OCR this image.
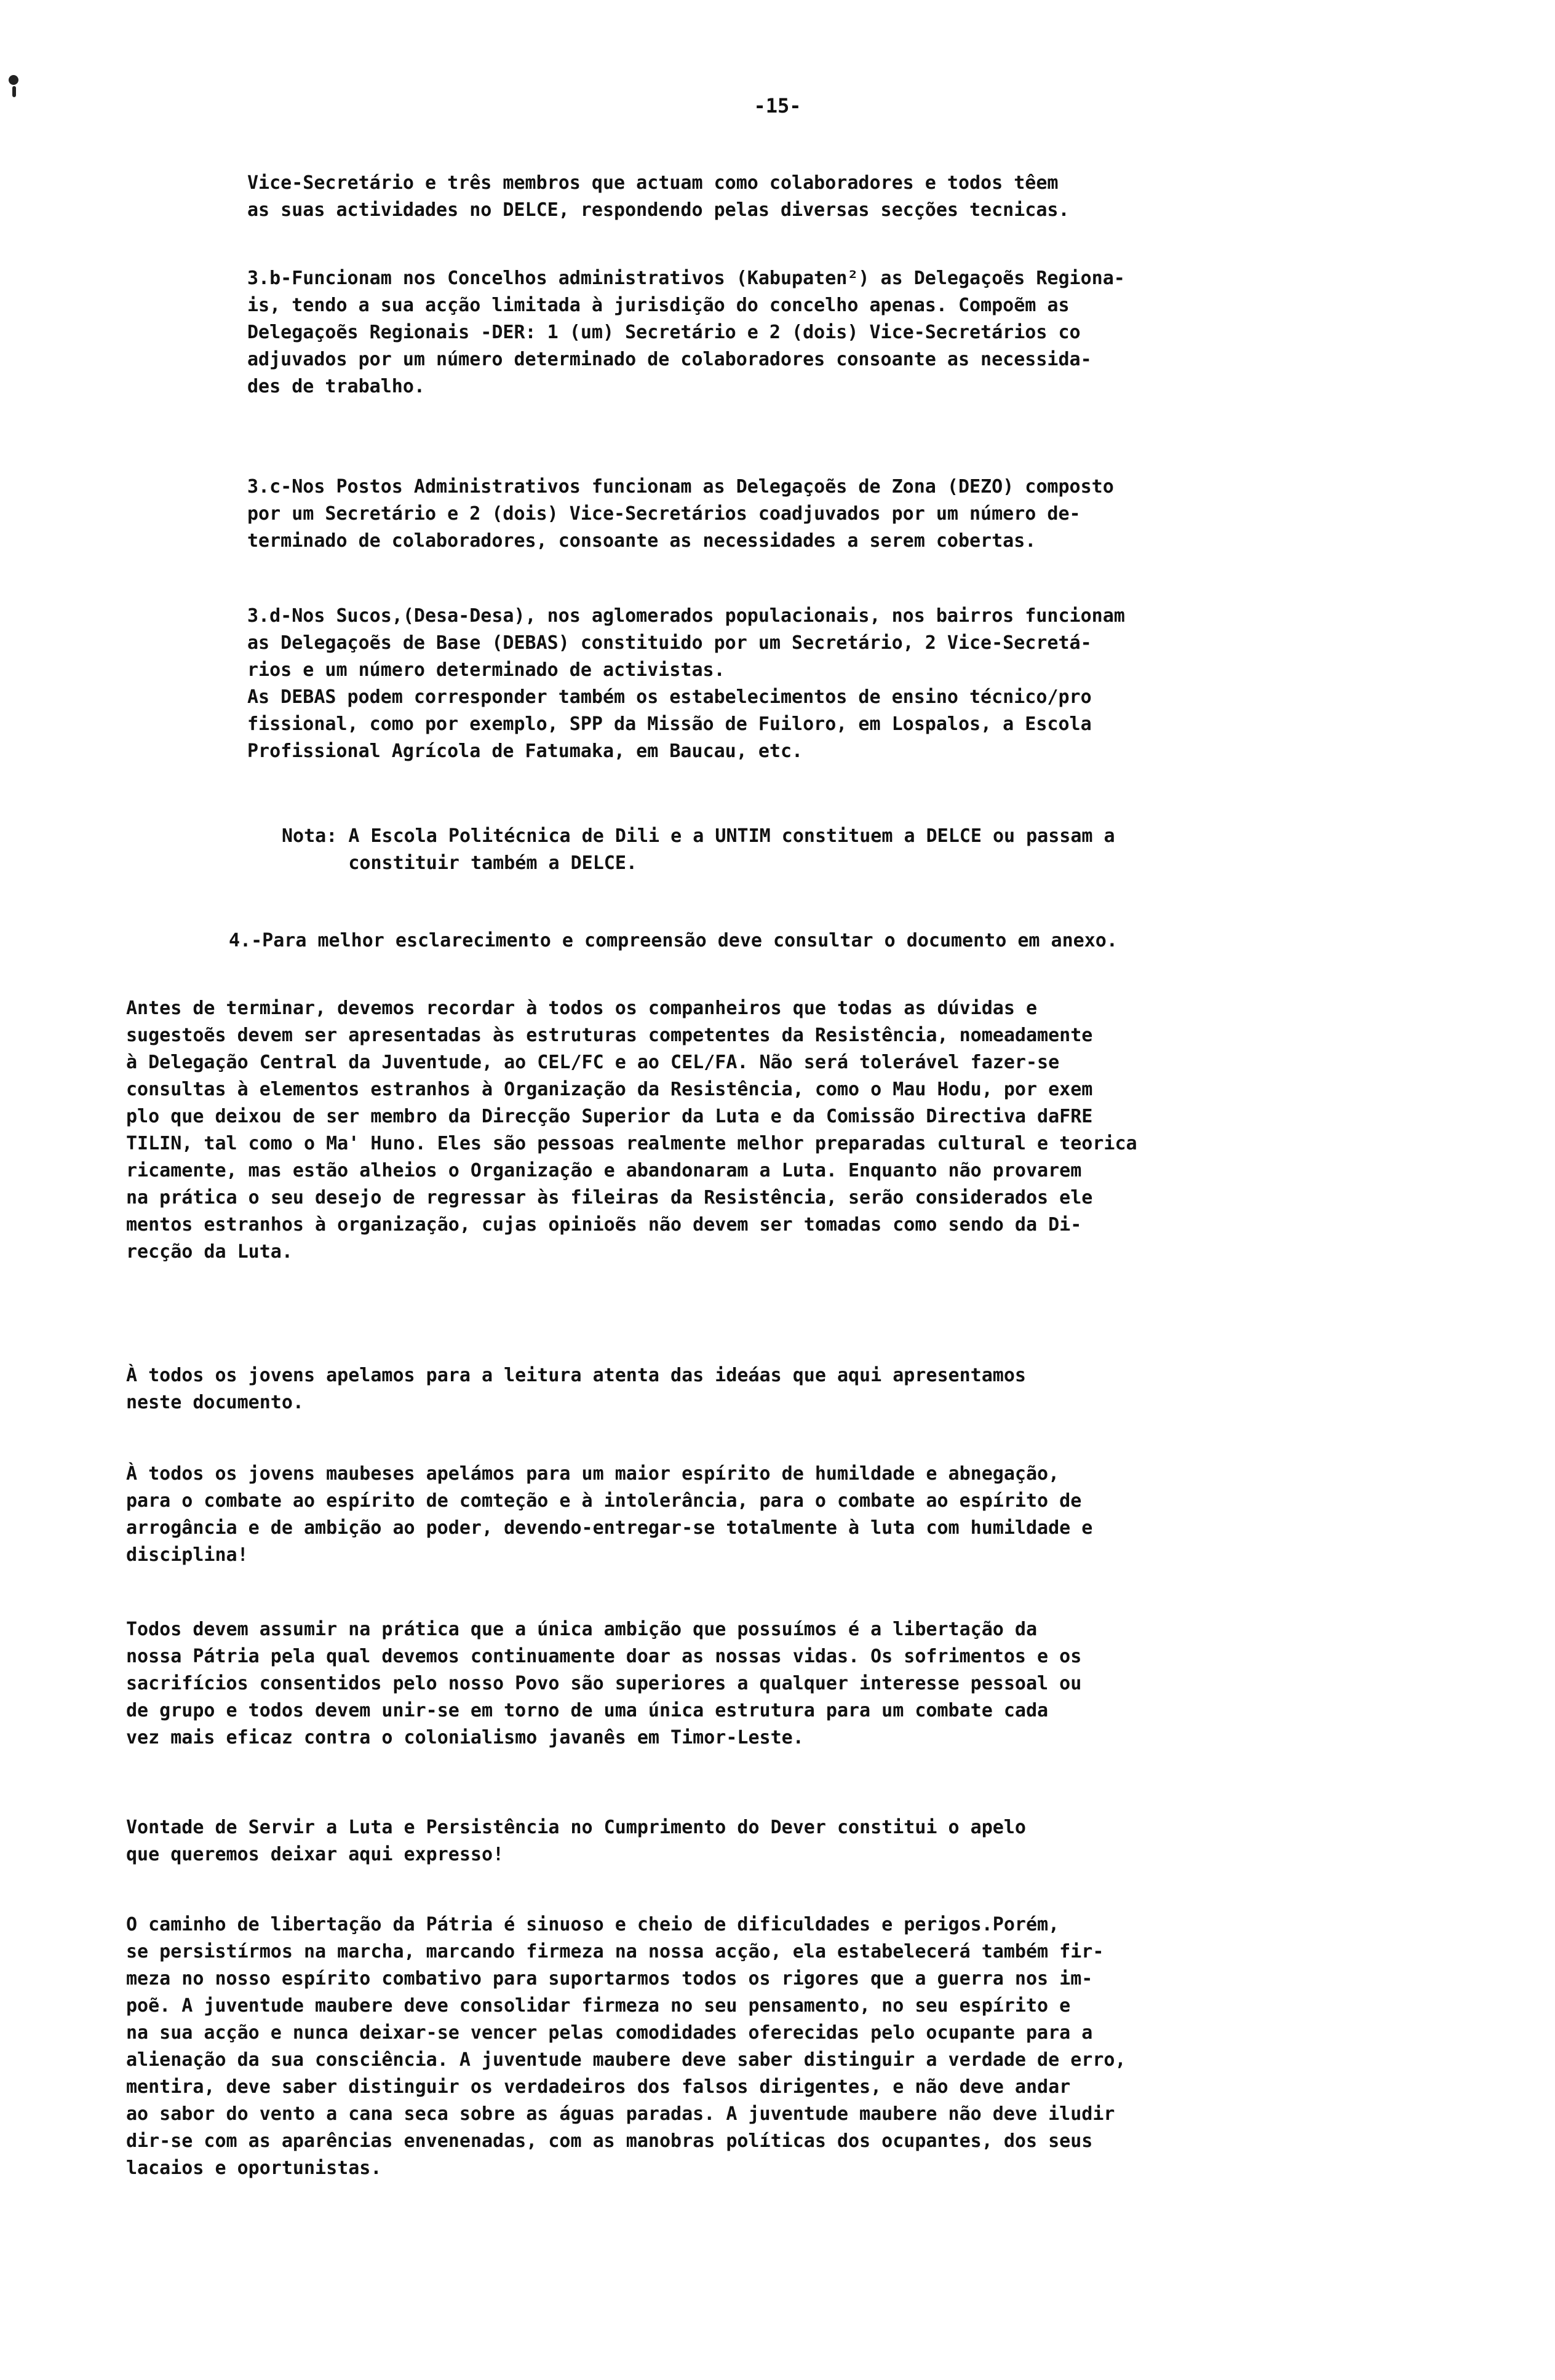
-15-
Vice-Secretário e três membros que actuam como colaboradores e todos têem
as suas actividades no DELCE, respondendo pelas diversas secções tecnicas.
3.b-Funcionam nos Concelhos administrativos (Kabupaten²) as Delegaçoẽs Regiona-
is, tendo a sua acção limitada à jurisdição do concelho apenas. Compoẽm as
Delegaçoẽs Regionais -DER: 1 (um) Secretário e 2 (dois) Vice-Secretários co
adjuvados por um número determinado de colaboradores consoante as necessida-
des de trabalho.
3.c-Nos Postos Administrativos funcionam as Delegaçoẽs de Zona (DEZO) composto
por um Secretário e 2 (dois) Vice-Secretários coadjuvados por um número de-
terminado de colaboradores, consoante as necessidades a serem cobertas.
3.d-Nos Sucos,(Desa-Desa), nos aglomerados populacionais, nos bairros funcionam
as Delegaçoẽs de Base (DEBAS) constituido por um Secretário, 2 Vice-Secretá-
rios e um número determinado de activistas.
As DEBAS podem corresponder também os estabelecimentos de ensino técnico/pro
fissional, como por exemplo, SPP da Missão de Fuiloro, em Lospalos, a Escola
Profissional Agrícola de Fatumaka, em Baucau, etc.
Nota: A Escola Politécnica de Dili e a UNTIM constituem a DELCE ou passam a
constituir também a DELCE.
4.-Para melhor esclarecimento e compreensão deve consultar o documento em anexo.
Antes de terminar, devemos recordar à todos os companheiros que todas as dúvidas e
sugestoẽs devem ser apresentadas às estruturas competentes da Resistência, nomeadamente
à Delegação Central da Juventude, ao CEL/FC e ao CEL/FA. Não será tolerável fazer-se
consultas à elementos estranhos à Organização da Resistência, como o Mau Hodu, por exem
plo que deixou de ser membro da Direcção Superior da Luta e da Comissão Directiva daFRE
TILIN, tal como o Ma' Huno. Eles são pessoas realmente melhor preparadas cultural e teorica
ricamente, mas estão alheios o Organização e abandonaram a Luta. Enquanto não provarem
na prática o seu desejo de regressar às fileiras da Resistência, serão considerados ele
mentos estranhos à organização, cujas opinioẽs não devem ser tomadas como sendo da Di-
recção da Luta.
À todos os jovens apelamos para a leitura atenta das ideáas que aqui apresentamos
neste documento.
À todos os jovens maubeses apelámos para um maior espírito de humildade e abnegação,
para o combate ao espírito de comteção e à intolerância, para o combate ao espírito de
arrogância e de ambição ao poder, devendo-entregar-se totalmente à luta com humildade e
disciplina!
Todos devem assumir na prática que a única ambição que possuímos é a libertação da
nossa Pátria pela qual devemos continuamente doar as nossas vidas. Os sofrimentos e os
sacrifícios consentidos pelo nosso Povo são superiores a qualquer interesse pessoal ou
de grupo e todos devem unir-se em torno de uma única estrutura para um combate cada
vez mais eficaz contra o colonialismo javanês em Timor-Leste.
Vontade de Servir a Luta e Persistência no Cumprimento do Dever constitui o apelo
que queremos deixar aqui expresso!
O caminho de libertação da Pátria é sinuoso e cheio de dificuldades e perigos.Porém,
se persistírmos na marcha, marcando firmeza na nossa acção, ela estabelecerá também fir-
meza no nosso espírito combativo para suportarmos todos os rigores que a guerra nos im-
poẽ. A juventude maubere deve consolidar firmeza no seu pensamento, no seu espírito e
na sua acção e nunca deixar-se vencer pelas comodidades oferecidas pelo ocupante para a
alienação da sua consciência. A juventude maubere deve saber distinguir a verdade de erro,
mentira, deve saber distinguir os verdadeiros dos falsos dirigentes, e não deve andar
ao sabor do vento a cana seca sobre as águas paradas. A juventude maubere não deve iludir
dir-se com as aparências envenenadas, com as manobras políticas dos ocupantes, dos seus
lacaios e oportunistas.
